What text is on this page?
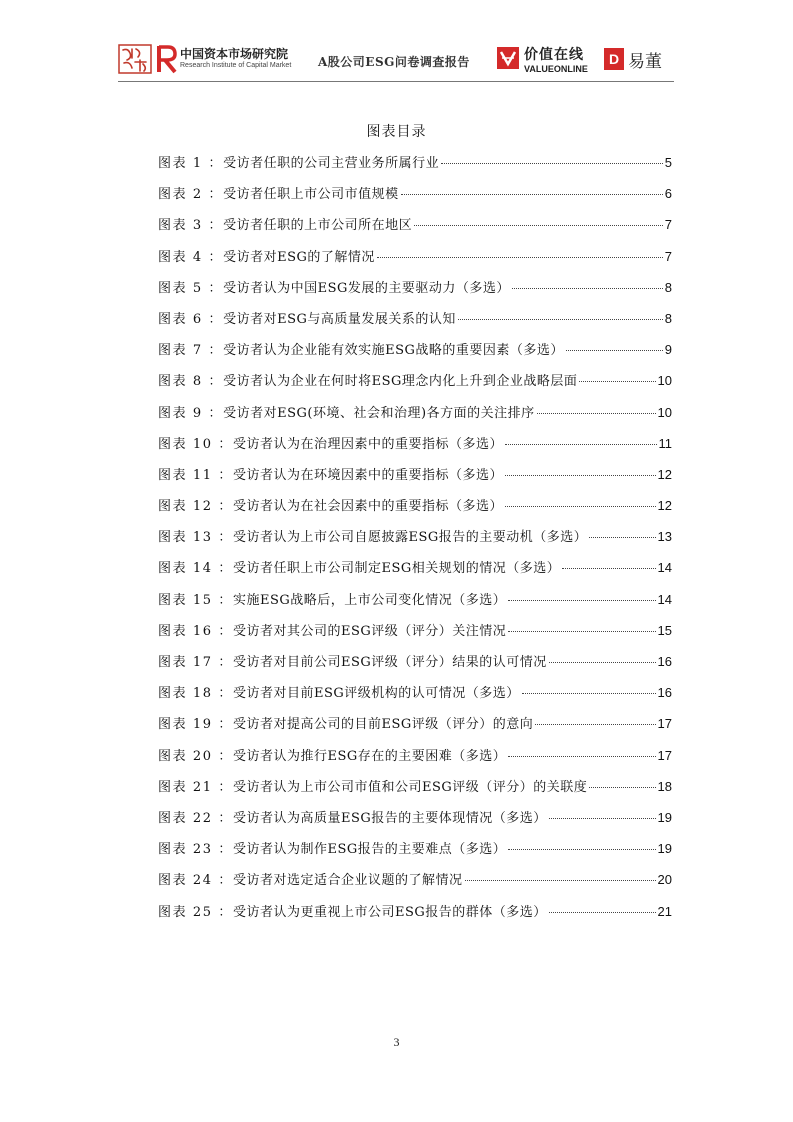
中国资本市场研究院
Research Institute of Capital Market A股公司ESG问卷调查报告	价值在线
VALUEONLINE
D 易董
图表目录
图表 1 ： 受访者任职的公司主营业务所属行业	5
图表 2 ： 受访者任职上市公司市值规模	6
图表 3 ： 受访者任职的上市公司所在地区	7
图表 4 ： 受访者对ESG的了解情况	7
图表 5 ： 受访者认为中国ESG发展的主要驱动力（多选）	8
图表 6 ： 受访者对ESG与高质量发展关系的认知	8
图表 7 ： 受访者认为企业能有效实施ESG战略的重要因素（多选）	9
图表 8 ： 受访者认为企业在何时将ESG理念内化上升到企业战略层面	10
图表 9 ： 受访者对ESG(环境、社会和治理)各方面的关注排序	10
图表 10 ： 受访者认为在治理因素中的重要指标（多选）	11
图表 11 ： 受访者认为在环境因素中的重要指标（多选）	12
图表 12 ： 受访者认为在社会因素中的重要指标（多选）	12
图表 13 ： 受访者认为上市公司自愿披露ESG报告的主要动机（多选）	13
图表 14 ： 受访者任职上市公司制定ESG相关规划的情况（多选）	14
图表 15 ： 实施ESG战略后，上市公司变化情况（多选）	14
图表 16 ： 受访者对其公司的ESG评级（评分）关注情况	15
图表 17 ： 受访者对目前公司ESG评级（评分）结果的认可情况	16
图表 18 ： 受访者对目前ESG评级机构的认可情况（多选）	16
图表 19 ： 受访者对提高公司的目前ESG评级（评分）的意向	17
图表 20 ： 受访者认为推行ESG存在的主要困难（多选）	17
图表 21 ： 受访者认为上市公司市值和公司ESG评级（评分）的关联度	18
图表 22 ： 受访者认为高质量ESG报告的主要体现情况（多选）	19
图表 23 ： 受访者认为制作ESG报告的主要难点（多选）	19
图表 24 ： 受访者对选定适合企业议题的了解情况	20
图表 25 ： 受访者认为更重视上市公司ESG报告的群体（多选）	21
3
